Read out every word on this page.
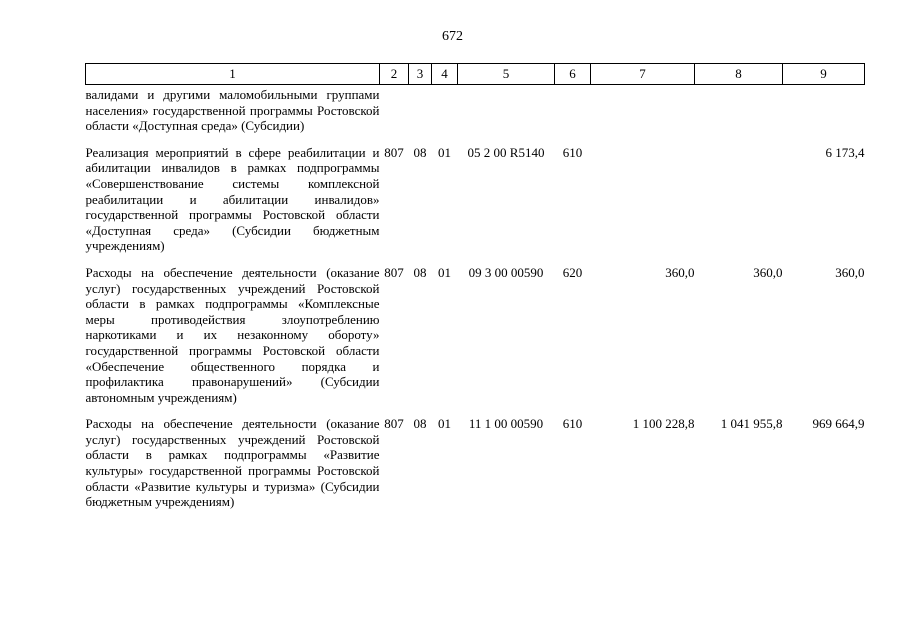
672
1	2	3	4	5	6	7	8	9
валидами и другими маломобильными группами населения» государственной программы Ростовской области «Доступная среда» (Субсидии)								
Реализация мероприятий в сфере реабилитации и абилитации инвалидов в рамках подпрограммы «Совершенствование системы комплексной реабилитации и абилитации инвалидов» государственной программы Ростовской области «Доступная среда» (Субсидии бюджетным учреждениям)	807	08	01	05 2 00 R5140	610			6 173,4
Расходы на обеспечение деятельности (оказание услуг) государственных учреждений Ростовской области в рамках подпрограммы «Комплексные меры противодействия злоупотреблению наркотиками и их незаконному обороту» государственной программы Ростовской области «Обеспечение общественного порядка и профилактика правонарушений» (Субсидии автономным учреждениям)	807	08	01	09 3 00 00590	620	360,0	360,0	360,0
Расходы на обеспечение деятельности (оказание услуг) государственных учреждений Ростовской области в рамках подпрограммы «Развитие культуры» государственной программы Ростовской области «Развитие культуры и туризма» (Субсидии бюджетным учреждениям)	807	08	01	11 1 00 00590	610	1 100 228,8	1 041 955,8	969 664,9
